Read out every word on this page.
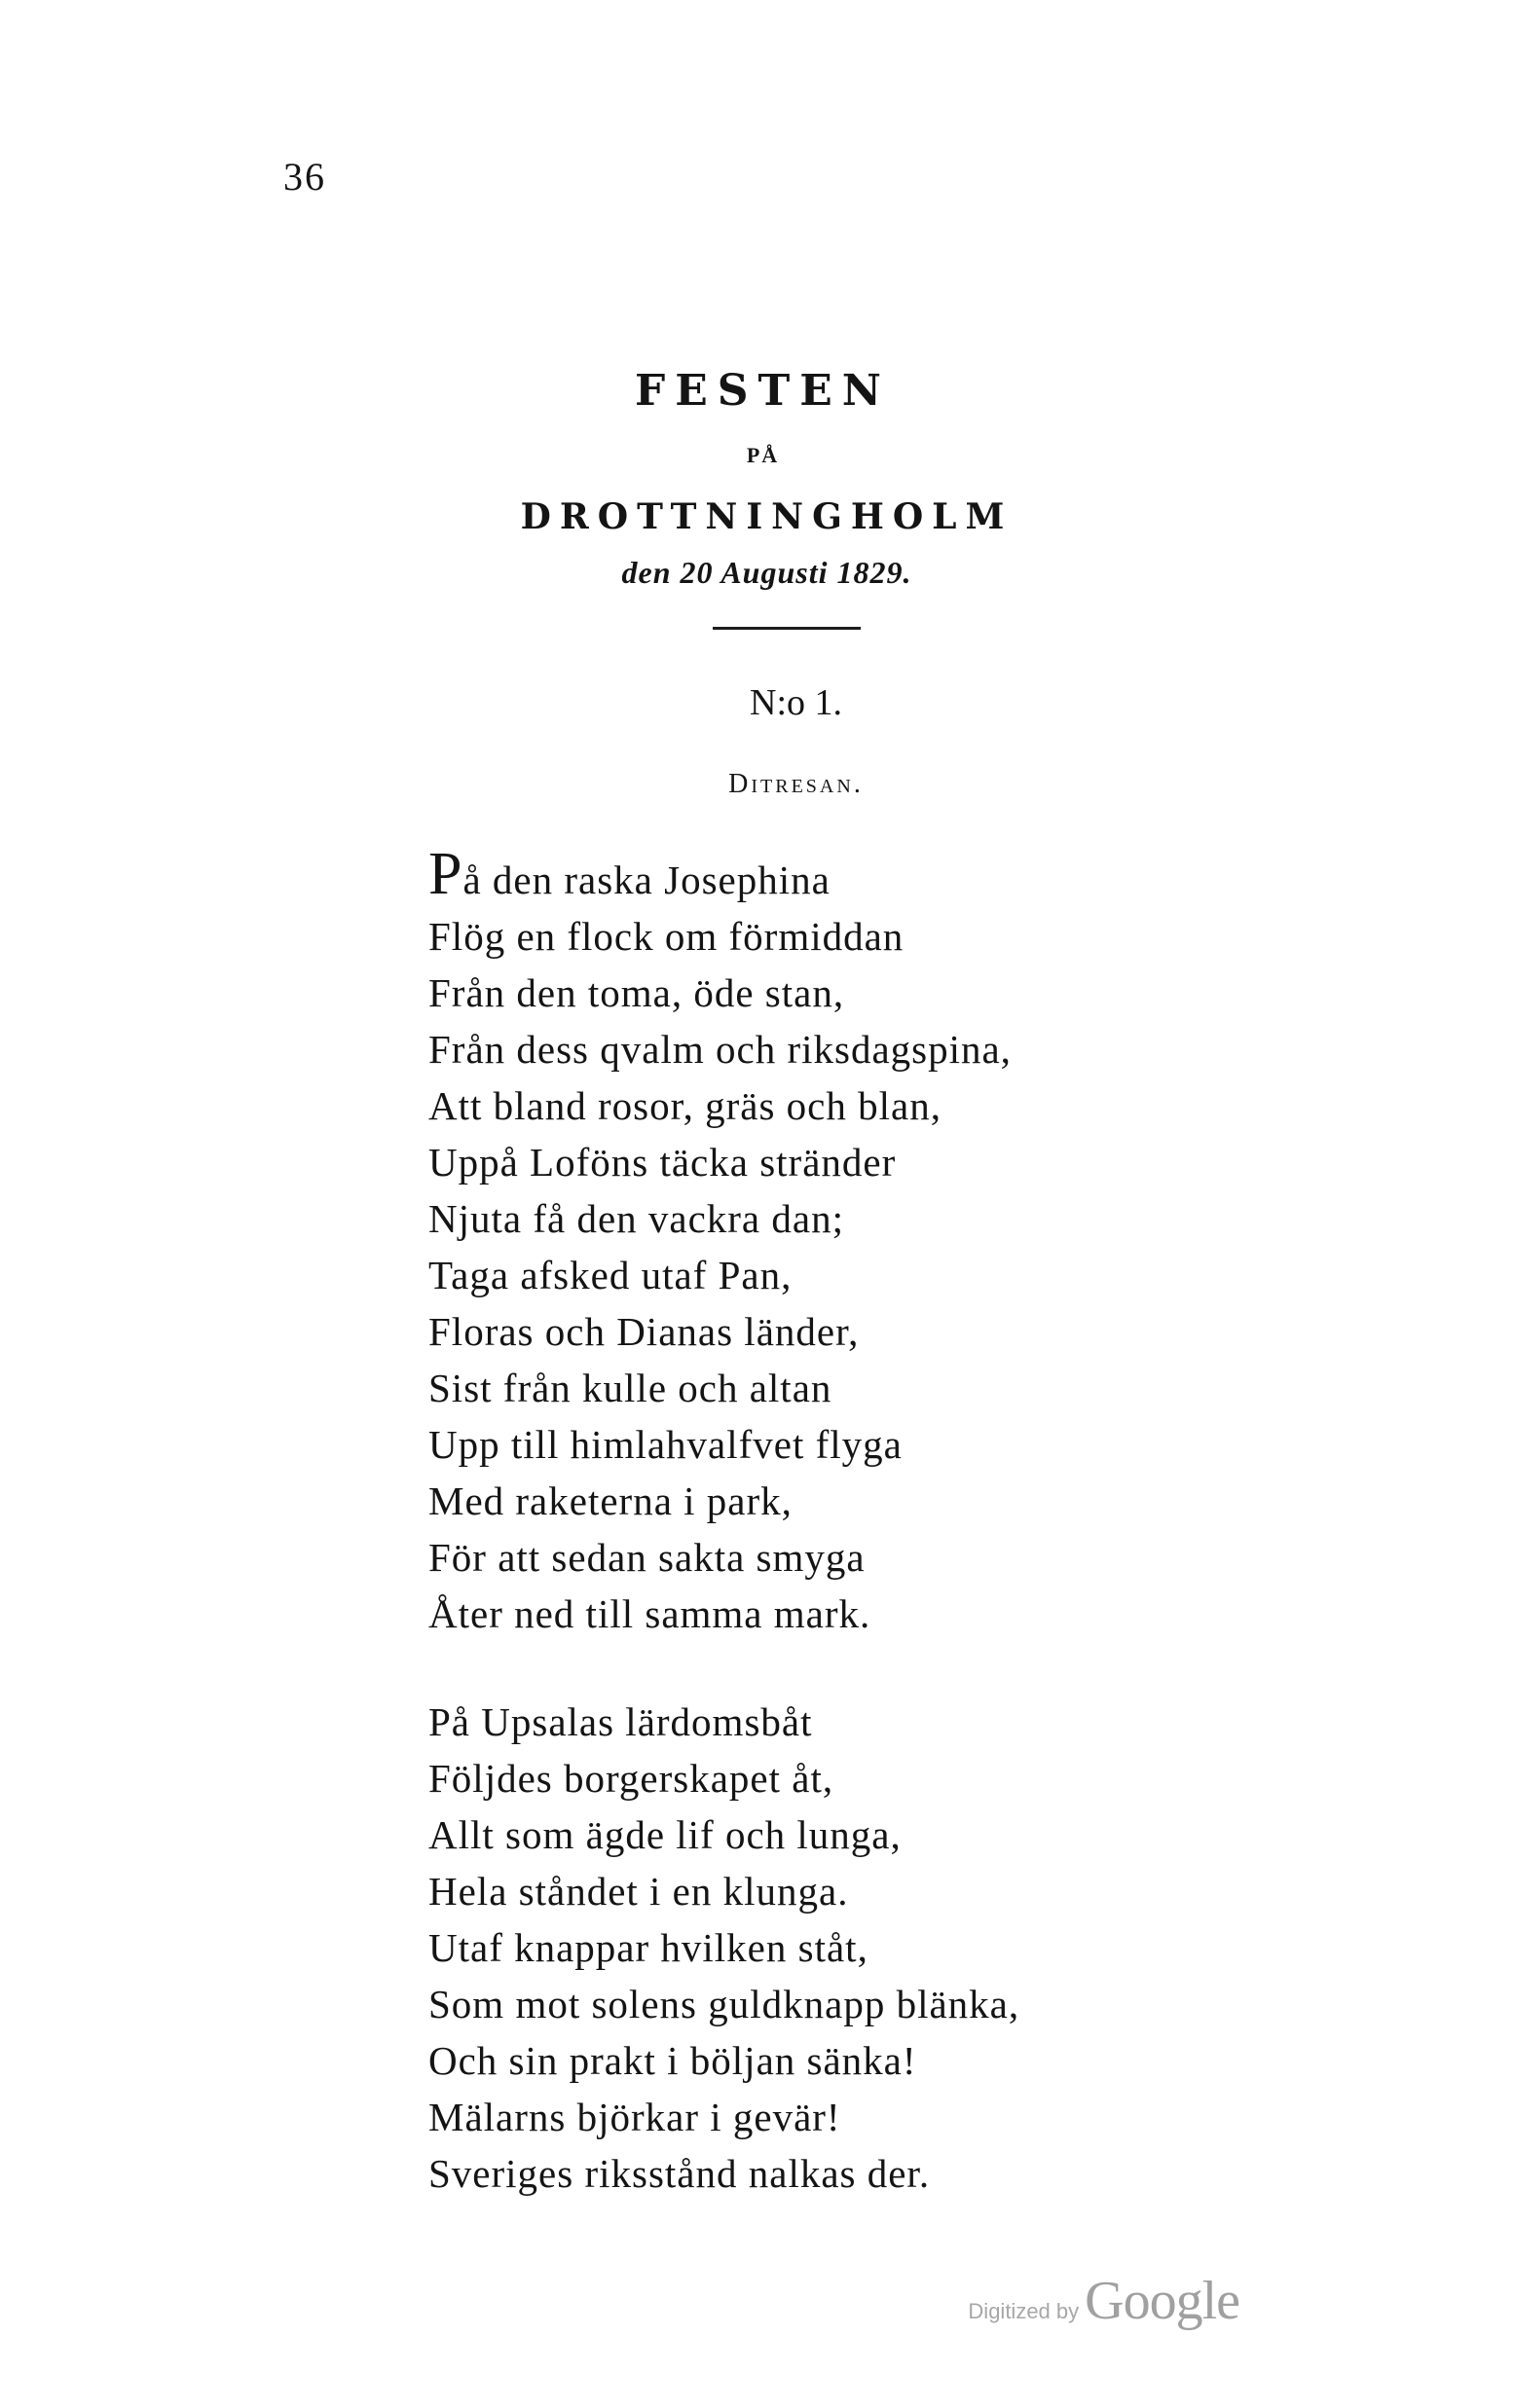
36
FESTEN
PÅ
DROTTNINGHOLM
den 20 Augusti 1829.
N:o 1.
Ditresan.
På den raska Josephina
Flög en flock om förmiddan
Från den toma, öde stan,
Från dess qvalm och riksdagspina,
Att bland rosor, gräs och blan,
Uppå Loföns täcka stränder
Njuta få den vackra dan;
Taga afsked utaf Pan,
Floras och Dianas länder,
Sist från kulle och altan
Upp till himlahvalfvet flyga
Med raketerna i park,
För att sedan sakta smyga
Åter ned till samma mark.
På Upsalas lärdomsbåt
Följdes borgerskapet åt,
Allt som ägde lif och lunga,
Hela ståndet i en klunga.
Utaf knappar hvilken ståt,
Som mot solens guldknapp blänka,
Och sin prakt i böljan sänka!
Mälarns björkar i gevär!
Sveriges riksstånd nalkas der.
Digitized by Google
